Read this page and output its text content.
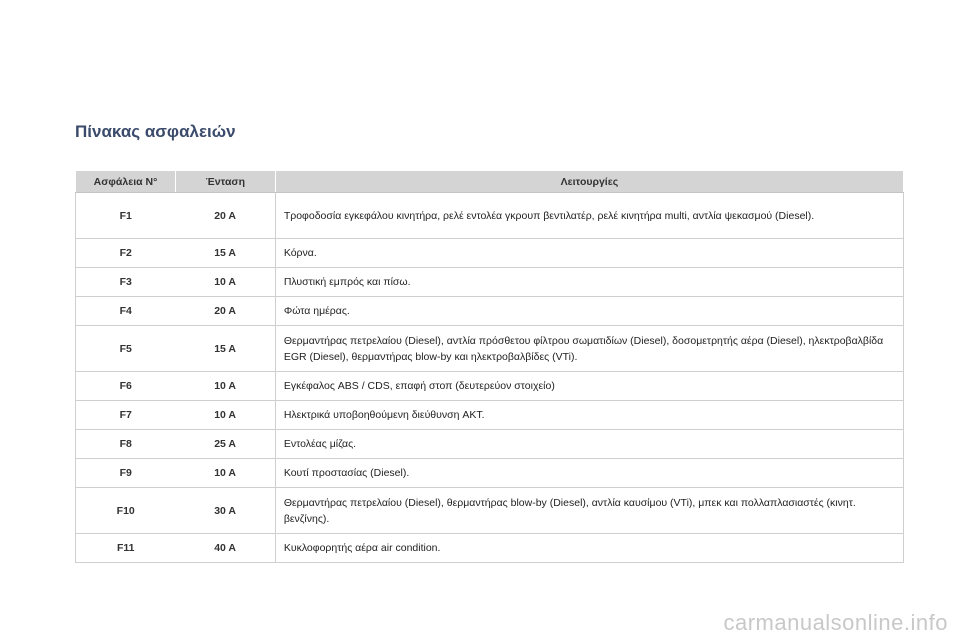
Πίνακας ασφαλειών
Ασφάλεια N°	Ένταση	Λειτουργίες
F1	20 A	Τροφοδοσία εγκεφάλου κινητήρα, ρελέ εντολέα γκρουπ βεντιλατέρ, ρελέ κινητήρα multi, αντλία ψεκασμού (Diesel).
F2	15 A	Κόρνα.
F3	10 A	Πλυστική εμπρός και πίσω.
F4	20 A	Φώτα ημέρας.
F5	15 A	Θερμαντήρας πετρελαίου (Diesel), αντλία πρόσθετου φίλτρου σωματιδίων (Diesel), δοσομετρητής αέρα (Diesel), ηλεκτροβαλβίδα EGR (Diesel), θερμαντήρας blow-by και ηλεκτροβαλβίδες (VTi).
F6	10 A	Εγκέφαλος ABS / CDS, επαφή στοπ (δευτερεύον στοιχείο)
F7	10 A	Ηλεκτρικά υποβοηθούμενη διεύθυνση AKT.
F8	25 A	Εντολέας μίζας.
F9	10 A	Κουτί προστασίας (Diesel).
F10	30 A	Θερμαντήρας πετρελαίου (Diesel), θερμαντήρας blow-by (Diesel), αντλία καυσίμου (VTi), μπεκ και πολλαπλασιαστές (κινητ. βενζίνης).
F11	40 A	Κυκλοφορητής αέρα air condition.
carmanualsonline.info
